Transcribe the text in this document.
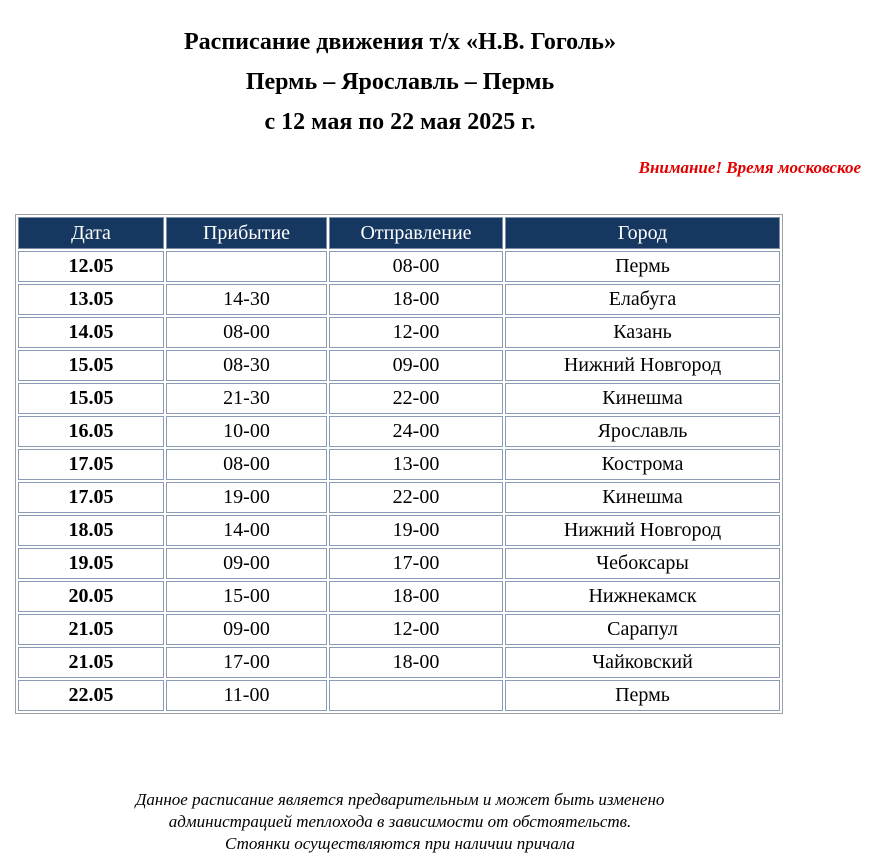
Расписание движения т/х «Н.В. Гоголь»
Пермь – Ярославль – Пермь
с 12 мая по 22 мая 2025 г.
Внимание! Время московское
Дата	Прибытие	Отправление	Город
12.05		08-00	Пермь
13.05	14-30	18-00	Елабуга
14.05	08-00	12-00	Казань
15.05	08-30	09-00	Нижний Новгород
15.05	21-30	22-00	Кинешма
16.05	10-00	24-00	Ярославль
17.05	08-00	13-00	Кострома
17.05	19-00	22-00	Кинешма
18.05	14-00	19-00	Нижний Новгород
19.05	09-00	17-00	Чебоксары
20.05	15-00	18-00	Нижнекамск
21.05	09-00	12-00	Сарапул
21.05	17-00	18-00	Чайковский
22.05	11-00		Пермь
Данное расписание является предварительным и может быть изменено
администрацией теплохода в зависимости от обстоятельств.
Стоянки осуществляются при наличии причала
